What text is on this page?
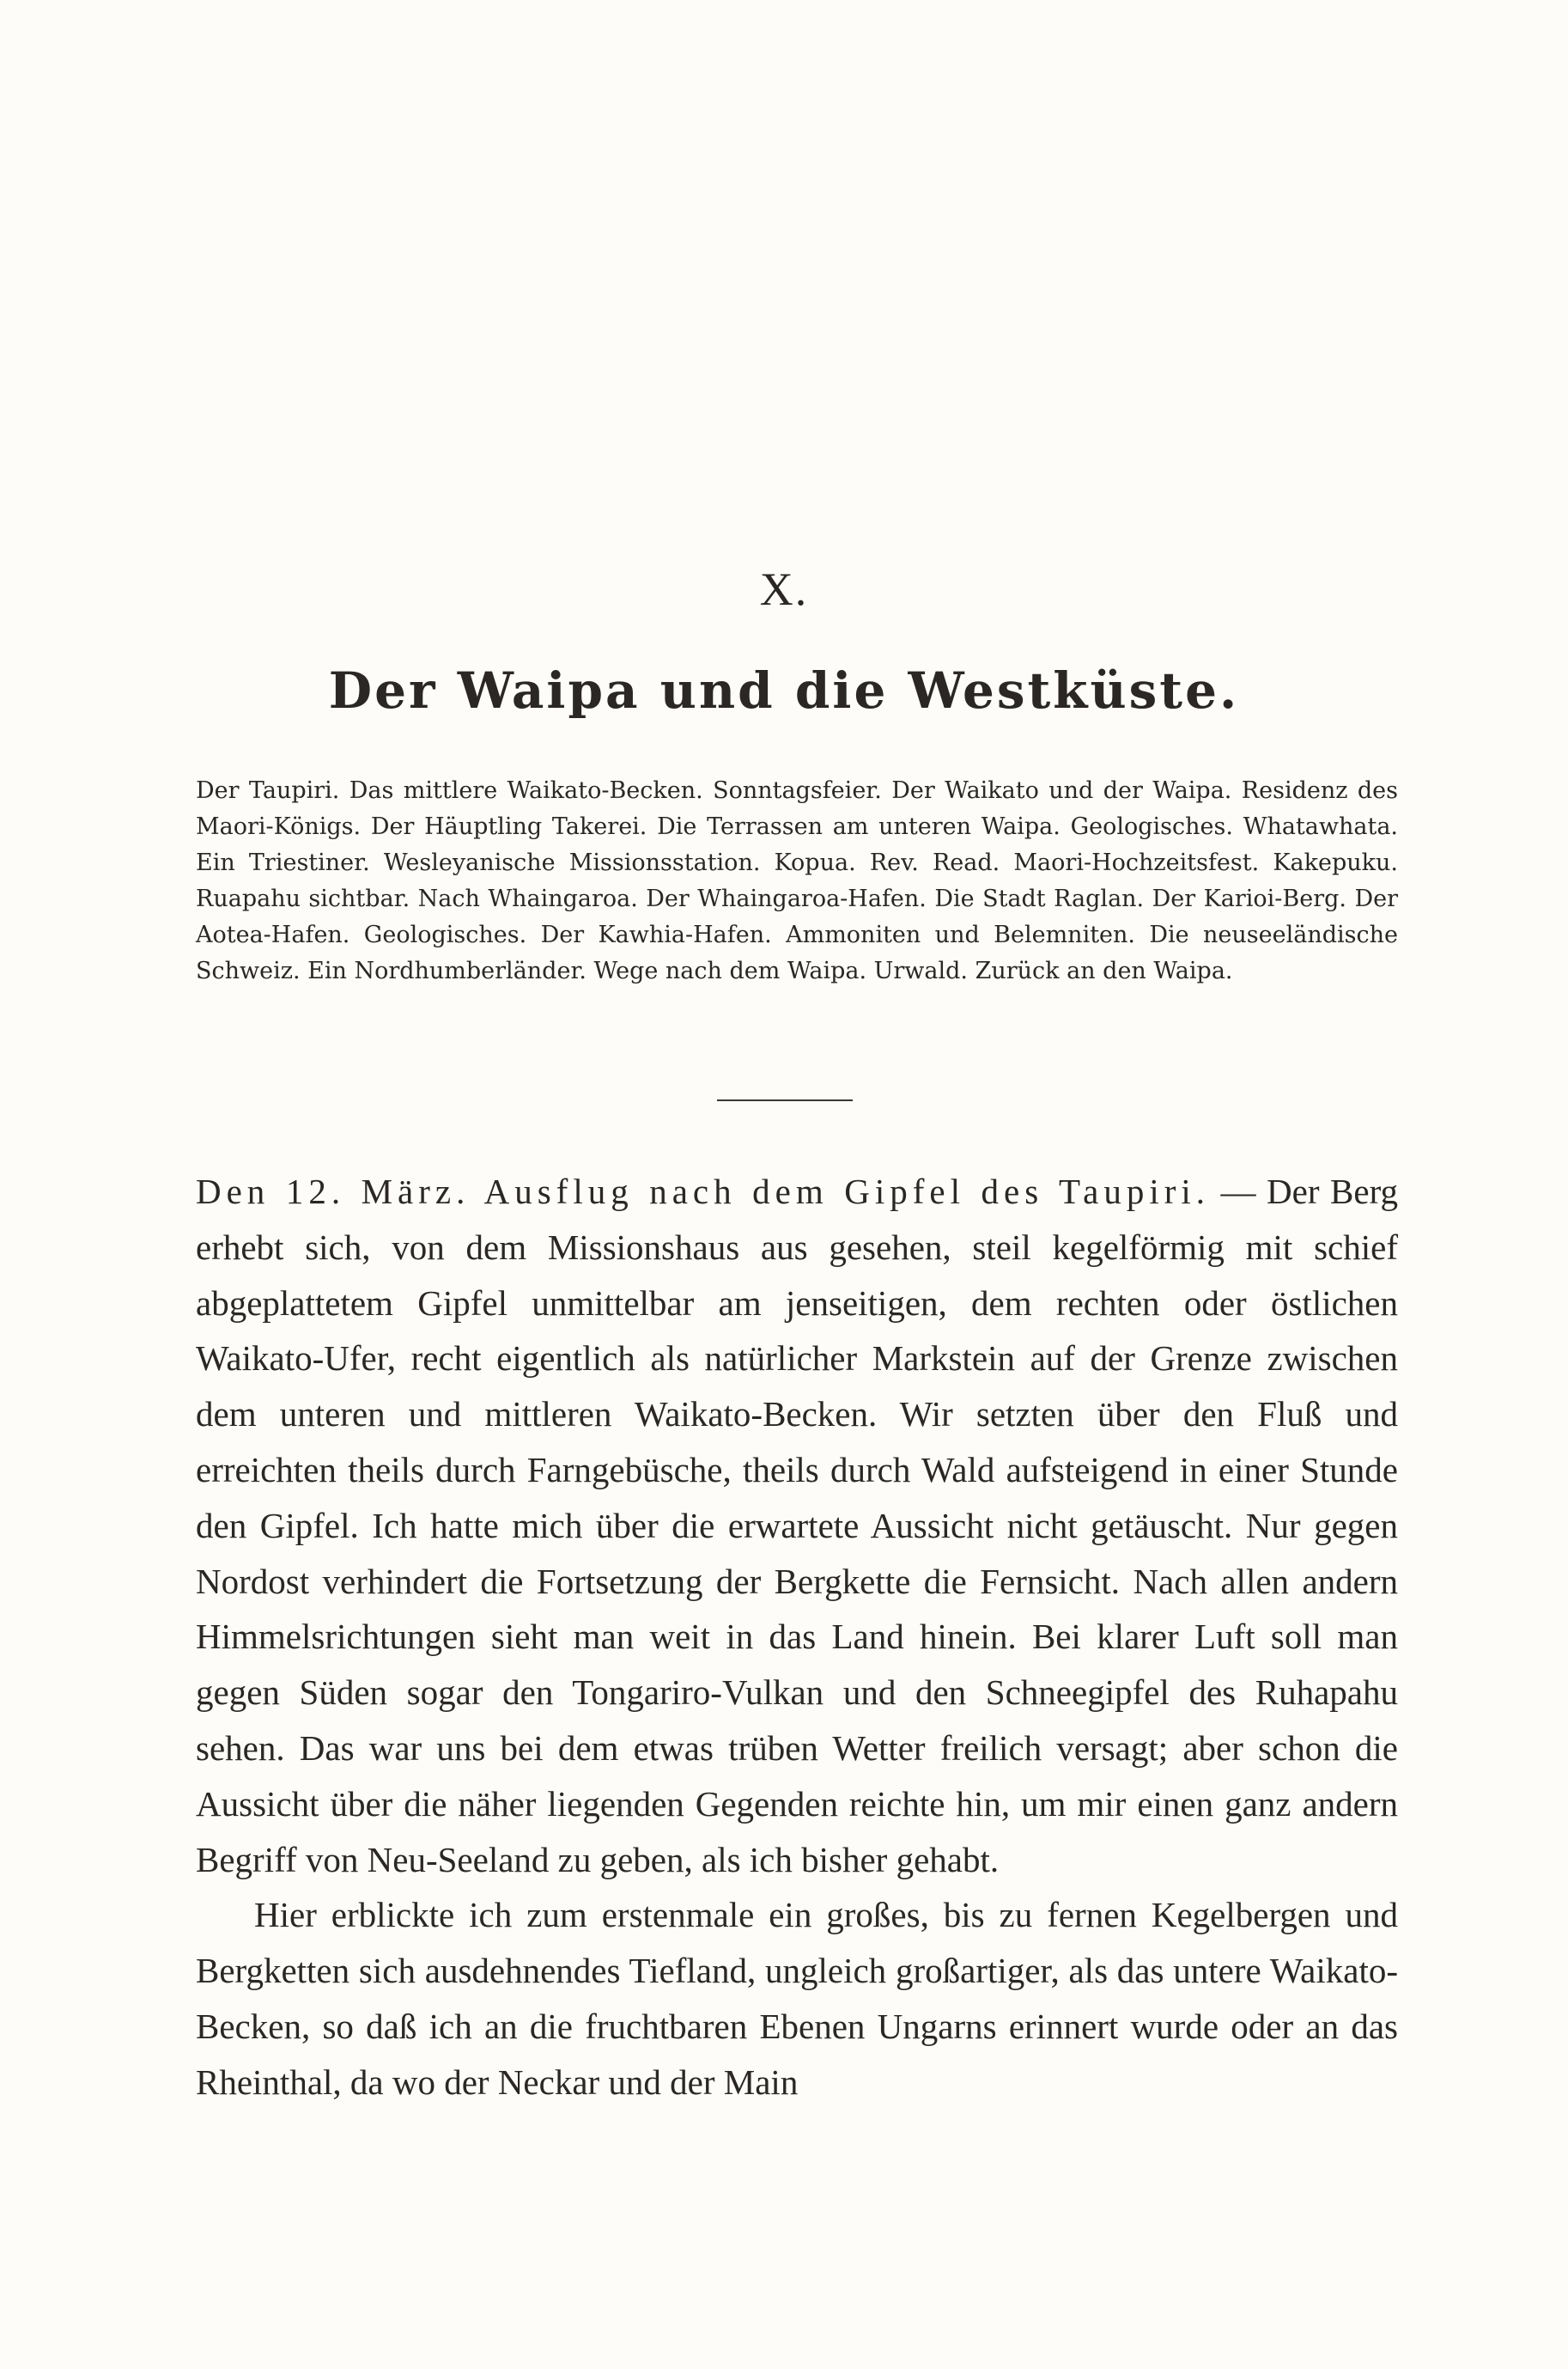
X.
Der Waipa und die Westküste.

Der Taupiri. Das mittlere Waikato-Becken. Sonntagsfeier. Der Waikato und der Waipa. Residenz des Maori-Königs. Der Häuptling Takerei. Die Terrassen am unteren Waipa. Geologisches. Whatawhata. Ein Triestiner. Wesleyanische Missionsstation. Kopua. Rev. Read. Maori-Hochzeitsfest. Kakepuku. Ruapahu sichtbar. Nach Whaingaroa. Der Whaingaroa-Hafen. Die Stadt Raglan. Der Karioi-Berg. Der Aotea-Hafen. Geologisches. Der Kawhia-Hafen. Ammoniten und Belemniten. Die neuseeländische Schweiz. Ein Nordhumberländer. Wege nach dem Waipa. Urwald. Zurück an den Waipa.

Den 12. März. Ausflug nach dem Gipfel des Taupiri. — Der Berg erhebt sich, von dem Missionshaus aus gesehen, steil kegelförmig mit schief abgeplattetem Gipfel unmittelbar am jenseitigen, dem rechten oder östlichen Waikato-Ufer, recht eigentlich als natürlicher Markstein auf der Grenze zwischen dem unteren und mittleren Waikato-Becken. Wir setzten über den Fluß und erreichten theils durch Farngebüsche, theils durch Wald aufsteigend in einer Stunde den Gipfel. Ich hatte mich über die erwartete Aussicht nicht getäuscht. Nur gegen Nordost verhindert die Fortsetzung der Bergkette die Fernsicht. Nach allen andern Himmelsrichtungen sieht man weit in das Land hinein. Bei klarer Luft soll man gegen Süden sogar den Tongariro-Vulkan und den Schneegipfel des Ruhapahu sehen. Das war uns bei dem etwas trüben Wetter freilich versagt; aber schon die Aussicht über die näher liegenden Gegenden reichte hin, um mir einen ganz andern Begriff von Neu-Seeland zu geben, als ich bisher gehabt.

Hier erblickte ich zum erstenmale ein großes, bis zu fernen Kegelbergen und Bergketten sich ausdehnendes Tiefland, ungleich großartiger, als das untere Waikato-Becken, so daß ich an die fruchtbaren Ebenen Ungarns erinnert wurde oder an das Rheinthal, da wo der Neckar und der Main
